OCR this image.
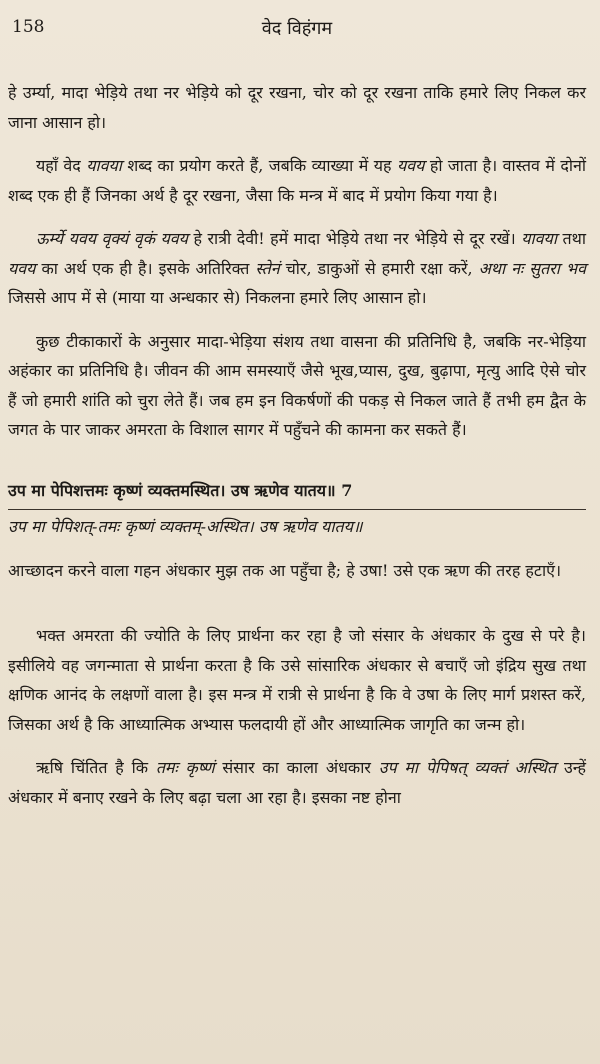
158	वेद विहंगम

हे उर्म्या, मादा भेड़िये तथा नर भेड़िये को दूर रखना, चोर को दूर रखना ताकि हमारे लिए निकल कर जाना आसान हो।

यहाँ वेद यावया शब्द का प्रयोग करते हैं, जबकि व्याख्या में यह यवय हो जाता है। वास्तव में दोनों शब्द एक ही हैं जिनका अर्थ है दूर रखना, जैसा कि मन्त्र में बाद में प्रयोग किया गया है।

ऊर्म्ये यवय वृक्यं वृकं यवय हे रात्री देवी! हमें मादा भेड़िये तथा नर भेड़िये से दूर रखें। यावया तथा यवय का अर्थ एक ही है। इसके अतिरिक्त स्तेनं चोर, डाकुओं से हमारी रक्षा करें, अथा नः सुतरा भव जिससे आप में से (माया या अन्धकार से) निकलना हमारे लिए आसान हो।

कुछ टीकाकारों के अनुसार मादा-भेड़िया संशय तथा वासना की प्रतिनिधि है, जबकि नर-भेड़िया अहंकार का प्रतिनिधि है। जीवन की आम समस्याएँ जैसे भूख,प्यास, दुख, बुढ़ापा, मृत्यु आदि ऐसे चोर हैं जो हमारी शांति को चुरा लेते हैं। जब हम इन विकर्षणों की पकड़ से निकल जाते हैं तभी हम द्वैत के जगत के पार जाकर अमरता के विशाल सागर में पहुँचने की कामना कर सकते हैं।

उप मा पेपिशत्तमः कृष्णं व्यक्तमस्थित। उष ऋणेव यातय॥ 7

उप मा पेपिशत्-तमः कृष्णं व्यक्तम्-अस्थित। उष ऋणेव यातय॥

आच्छादन करने वाला गहन अंधकार मुझ तक आ पहुँचा है; हे उषा! उसे एक ऋण की तरह हटाएँ।

भक्त अमरता की ज्योति के लिए प्रार्थना कर रहा है जो संसार के अंधकार के दुख से परे है। इसीलिये वह जगन्माता से प्रार्थना करता है कि उसे सांसारिक अंधकार से बचाएँ जो इंद्रिय सुख तथा क्षणिक आनंद के लक्षणों वाला है। इस मन्त्र में रात्री से प्रार्थना है कि वे उषा के लिए मार्ग प्रशस्त करें, जिसका अर्थ है कि आध्यात्मिक अभ्यास फलदायी हों और आध्यात्मिक जागृति का जन्म हो।

ऋषि चिंतित है कि तमः कृष्णं संसार का काला अंधकार उप मा पेपिषत् व्यक्तं अस्थित उन्हें अंधकार में बनाए रखने के लिए बढ़ा चला आ रहा है। इसका नष्ट होना
